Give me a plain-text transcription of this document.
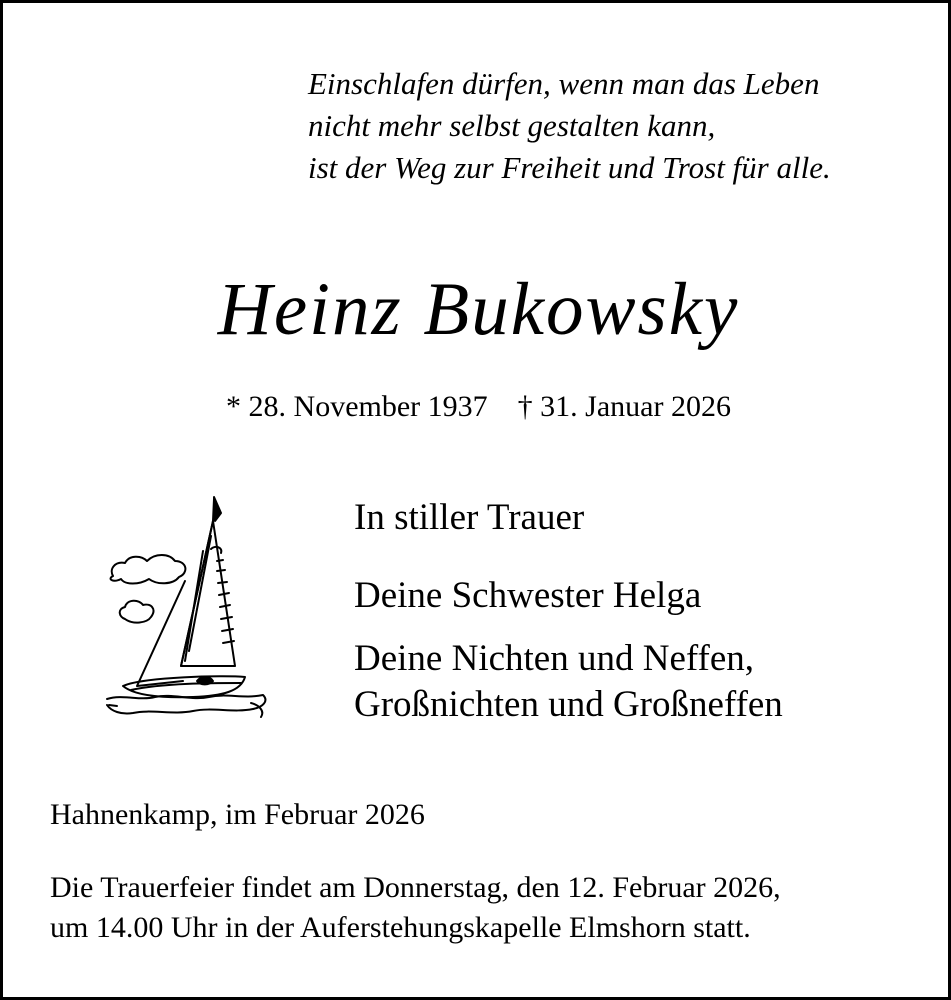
Einschlafen dürfen, wenn man das Leben
nicht mehr selbst gestalten kann,
ist der Weg zur Freiheit und Trost für alle.
Heinz Bukowsky
* 28. November 1937    † 31. Januar 2026
In stiller Trauer
Deine Schwester Helga
Deine Nichten und Neffen,
Großnichten und Großneffen
Hahnenkamp, im Februar 2026
Die Trauerfeier findet am Donnerstag, den 12. Februar 2026,
um 14.00 Uhr in der Auferstehungskapelle Elmshorn statt.
